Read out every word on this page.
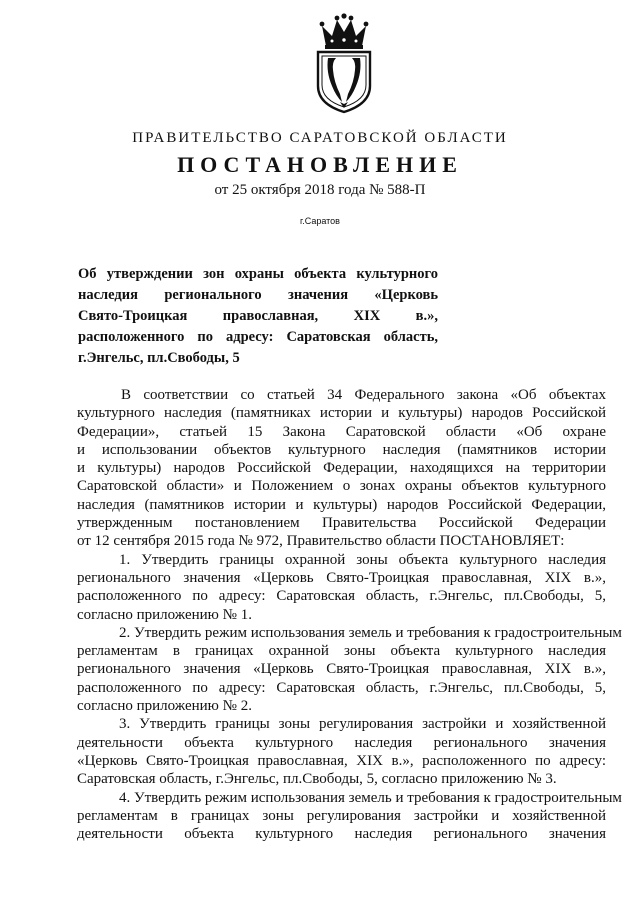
ПРАВИТЕЛЬСТВО САРАТОВСКОЙ ОБЛАСТИ
ПОСТАНОВЛЕНИЕ
от 25 октября 2018 года № 588-П
г.Саратов
Об утверждении зон охраны объекта культурного
наследия регионального значения «Церковь
Свято-Троицкая православная, XIX в.»,
расположенного по адресу: Саратовская область,
г.Энгельс, пл.Свободы, 5
В соответствии со статьей 34 Федерального закона «Об объектах
культурного наследия (памятниках истории и культуры) народов Российской
Федерации», статьей 15 Закона Саратовской области «Об охране
и использовании объектов культурного наследия (памятников истории
и культуры) народов Российской Федерации, находящихся на территории
Саратовской области» и Положением о зонах охраны объектов культурного
наследия (памятников истории и культуры) народов Российской Федерации,
утвержденным постановлением Правительства Российской Федерации
от 12 сентября 2015 года № 972, Правительство области ПОСТАНОВЛЯЕТ:
1. Утвердить границы охранной зоны объекта культурного наследия
регионального значения «Церковь Свято-Троицкая православная, XIX в.»,
расположенного по адресу: Саратовская область, г.Энгельс, пл.Свободы, 5,
согласно приложению № 1.
2. Утвердить режим использования земель и требования к градостроительным
регламентам в границах охранной зоны объекта культурного наследия
регионального значения «Церковь Свято-Троицкая православная, XIX в.»,
расположенного по адресу: Саратовская область, г.Энгельс, пл.Свободы, 5,
согласно приложению № 2.
3. Утвердить границы зоны регулирования застройки и хозяйственной
деятельности объекта культурного наследия регионального значения
«Церковь Свято-Троицкая православная, XIX в.», расположенного по адресу:
Саратовская область, г.Энгельс, пл.Свободы, 5, согласно приложению № 3.
4. Утвердить режим использования земель и требования к градостроительным
регламентам в границах зоны регулирования застройки и хозяйственной
деятельности объекта культурного наследия регионального значения
